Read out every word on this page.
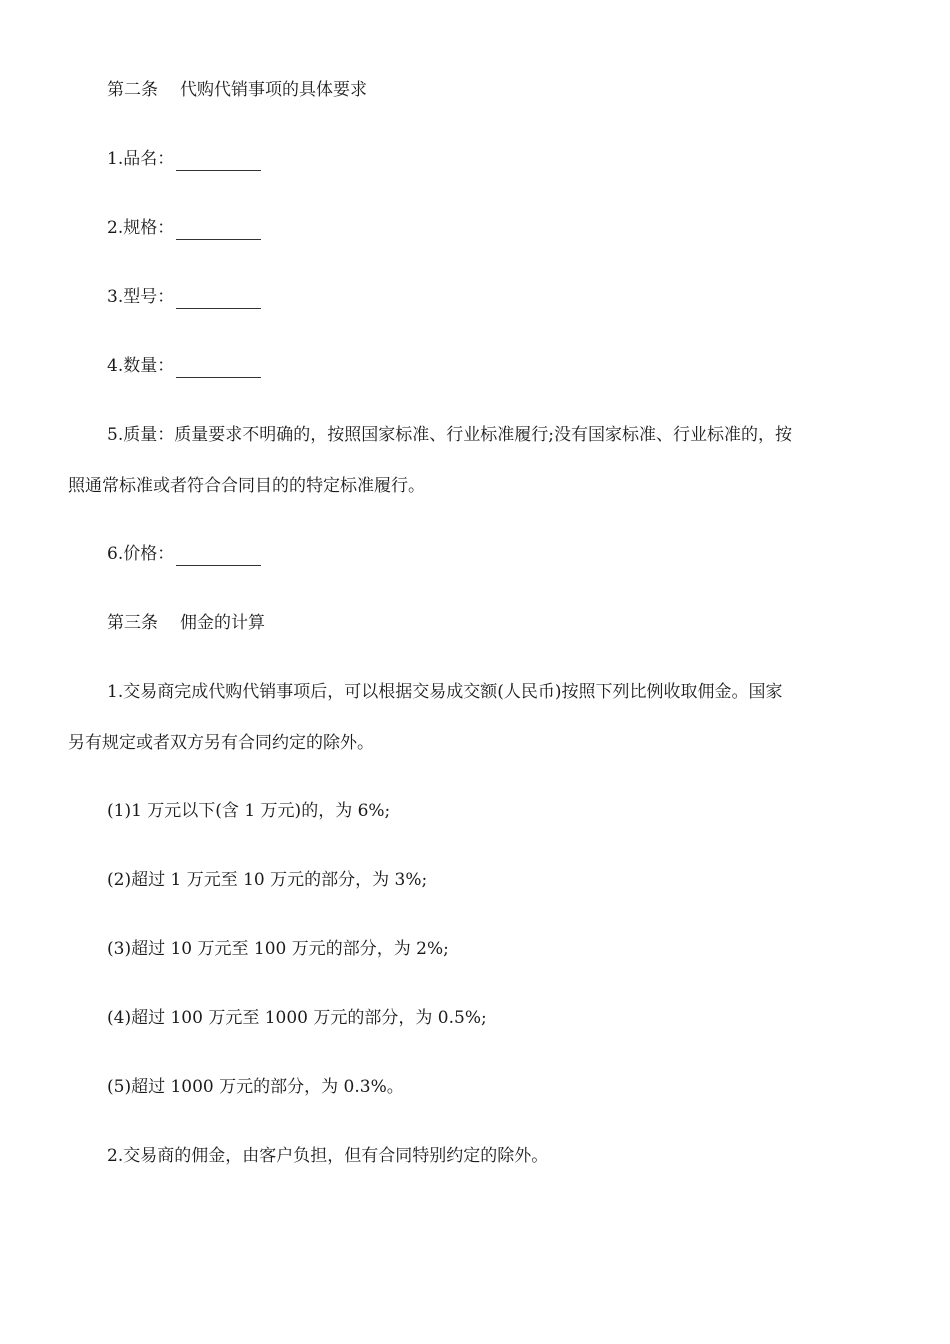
第二条 代购代销事项的具体要求
1.品名：
2.规格：
3.型号：
4.数量：
5.质量：质量要求不明确的，按照国家标准、行业标准履行;没有国家标准、行业标准的，按
照通常标准或者符合合同目的的特定标准履行。
6.价格：
第三条 佣金的计算
1.交易商完成代购代销事项后，可以根据交易成交额(人民币)按照下列比例收取佣金。国家
另有规定或者双方另有合同约定的除外。
(1)1 万元以下(含 1 万元)的，为 6%;
(2)超过 1 万元至 10 万元的部分，为 3%;
(3)超过 10 万元至 100 万元的部分，为 2%;
(4)超过 100 万元至 1000 万元的部分，为 0.5%;
(5)超过 1000 万元的部分，为 0.3%。
2.交易商的佣金，由客户负担，但有合同特别约定的除外。
